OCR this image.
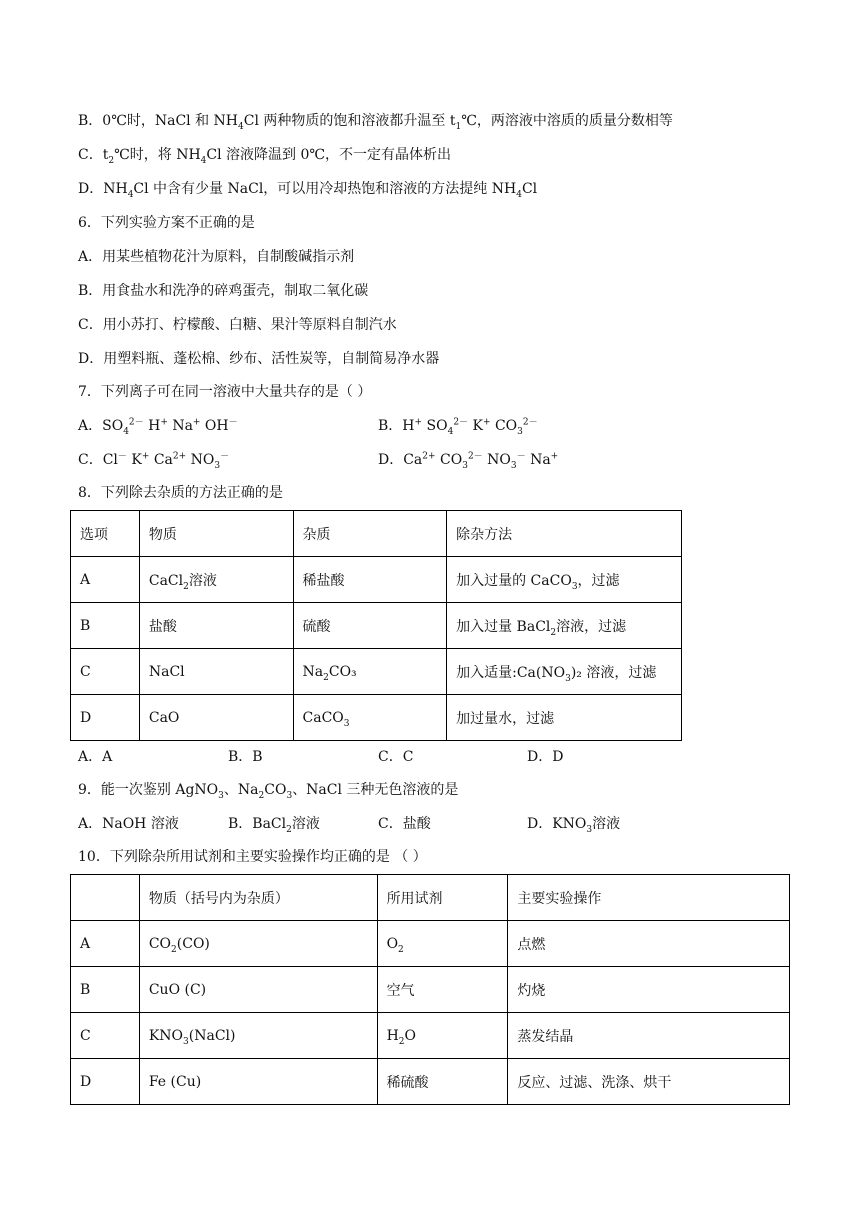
B．0℃时，NaCl 和 $NH_4Cl$ 两种物质的饱和溶液都升温至 $t_1℃$，两溶液中溶质的质量分数相等
C．$t_2℃$时，将 $NH_4Cl$ 溶液降温到 0℃，不一定有晶体析出
D．$NH_4Cl$ 中含有少量 NaCl，可以用冷却热饱和溶液的方法提纯 $NH_4Cl$
6．下列实验方案不正确的是
A．用某些植物花汁为原料，自制酸碱指示剂
B．用食盐水和洗净的碎鸡蛋壳，制取二氧化碳
C．用小苏打、柠檬酸、白糖、果汁等原料自制汽水
D．用塑料瓶、蓬松棉、纱布、活性炭等，自制简易净水器
7．下列离子可在同一溶液中大量共存的是（ ）
A．$SO_4^{2-}$ H+ Na+ OH－	B．H+ $SO_4^{2-}$ K+ $CO_3^{2-}$
C．Cl－ K+ $Ca^{2+}$ $NO_3^-$	D．$Ca^{2+}$ $CO_3^{2-}$ $NO_3^-$ Na+
8．下列除去杂质的方法正确的是
选项	物质	杂质	除杂方法
A	CaCl$_2$溶液	稀盐酸	加入过量的 CaCO$_3$，过滤
B	盐酸	硫酸	加入过量 BaCl$_2$溶液，过滤
C	NaCl	$Na_2CO_3$	加入适量$:Ca(NO_3)_2$ 溶液，过滤
D	CaO	CaCO$_3$	加过量水，过滤
A．A	B．B	C．C	D．D
9．能一次鉴别 AgNO$_3$、$Na_2CO_3$、NaCl 三种无色溶液的是
A．NaOH 溶液	B．BaCl$_2$溶液	C．盐酸	D．$KNO_3$溶液
10．下列除杂所用试剂和主要实验操作均正确的是 （ ）
	物质（括号内为杂质）	所用试剂	主要实验操作
A	$CO_2(CO)$	$O_2$	点燃
B	CuO (C)	空气	灼烧
C	$KNO_3(NaCl)$	$H_2O$	蒸发结晶
D	Fe (Cu)	稀硫酸	反应、过滤、洗涤、烘干
